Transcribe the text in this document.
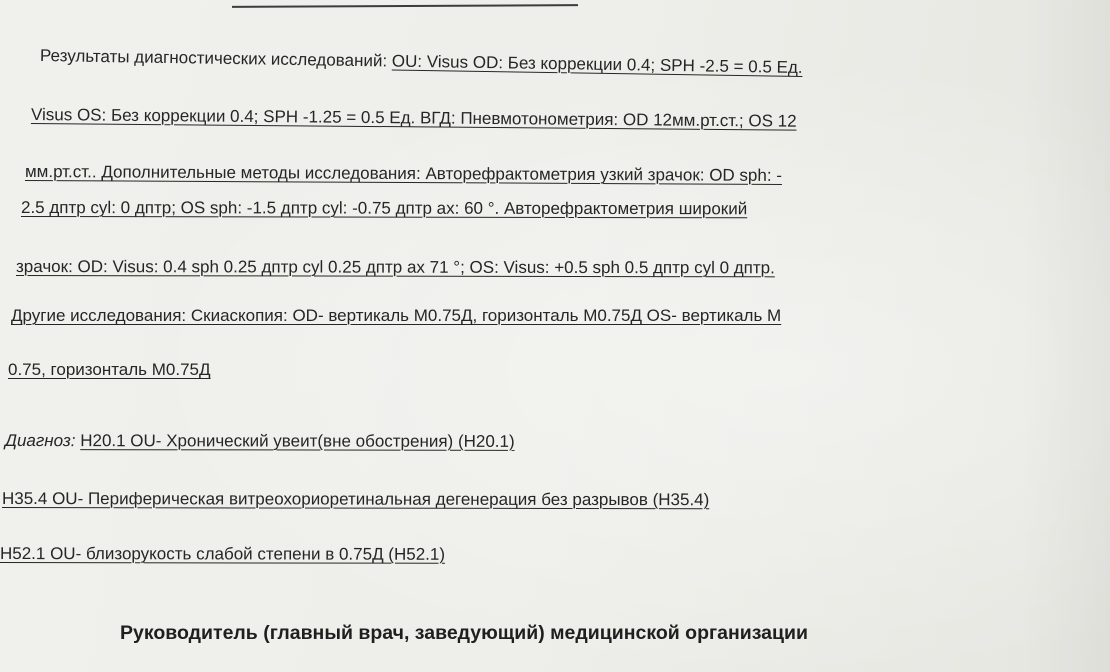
Результаты диагностических исследований: OU: Visus OD: Без коррекции 0.4; SPH -2.5 = 0.5 Ед.
Visus OS: Без коррекции 0.4; SPH -1.25 = 0.5 Ед. ВГД: Пневмотонометрия: OD 12мм.рт.ст.; OS 12
мм.рт.ст.. Дополнительные методы исследования: Авторефрактометрия узкий зрачок: OD sph: -
2.5 дптр cyl: 0 дптр; OS sph: -1.5 дптр cyl: -0.75 дптр ax: 60 °. Авторефрактометрия широкий
зрачок: OD: Visus: 0.4 sph 0.25 дптр cyl 0.25 дптр ax 71 °; OS: Visus: +0.5 sph 0.5 дптр cyl 0 дптр.
Другие исследования: Скиаскопия: OD- вертикаль М0.75Д, горизонталь М0.75Д OS- вертикаль М
0.75, горизонталь М0.75Д
Диагноз: H20.1 OU- Хронический увеит(вне обострения) (H20.1)
H35.4 OU- Периферическая витреохориоретинальная дегенерация без разрывов (H35.4)
H52.1 OU- близорукость слабой степени в 0.75Д (H52.1)
Руководитель (главный врач, заведующий) медицинской организации
